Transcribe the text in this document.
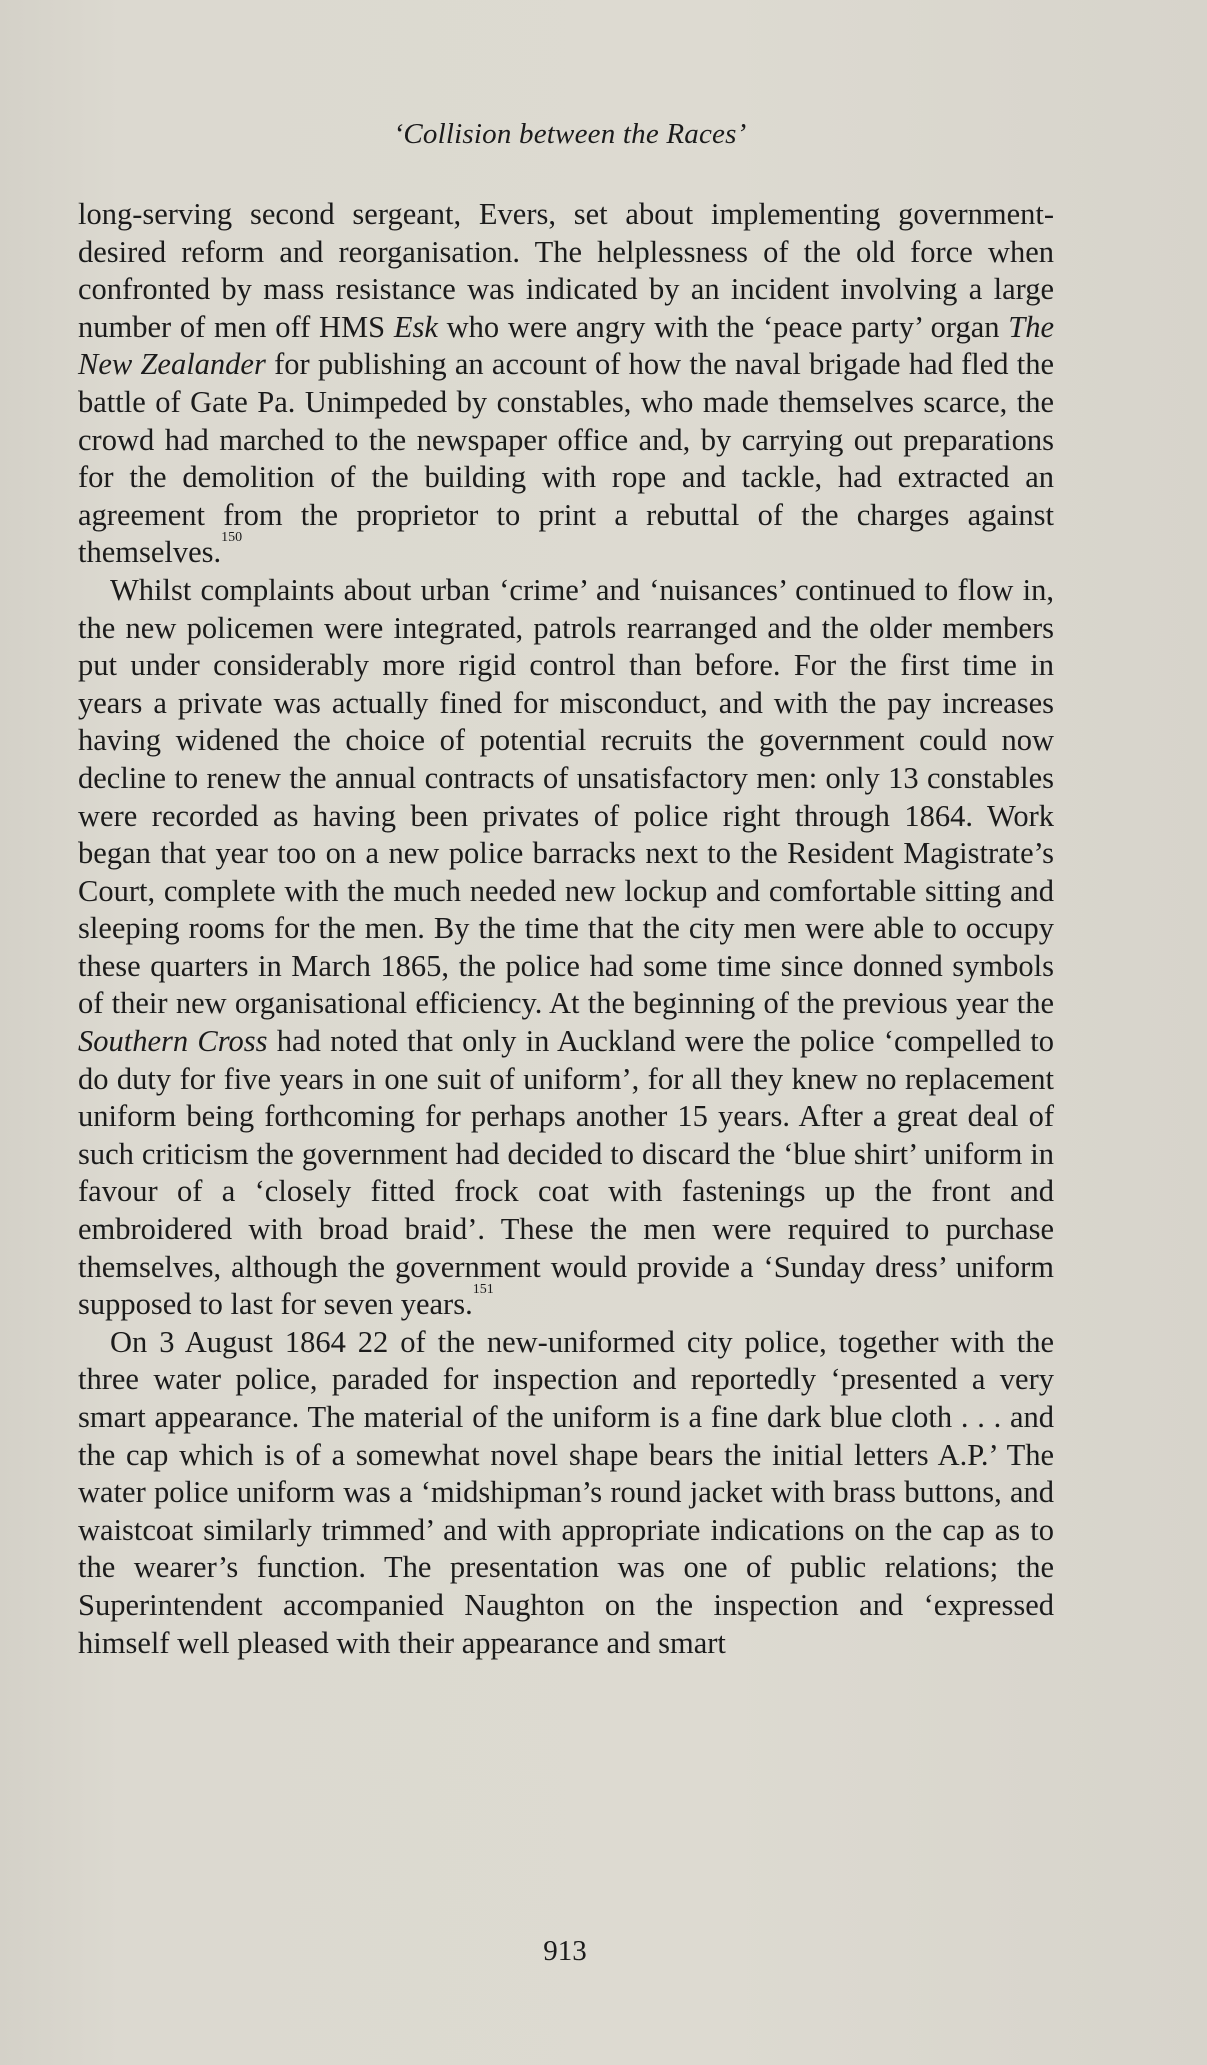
‘Collision between the Races’

long-serving second sergeant, Evers, set about implementing government-desired reform and reorganisation. The helplessness of the old force when confronted by mass resistance was indicated by an incident involving a large number of men off HMS Esk who were angry with the ‘peace party’ organ The New Zealander for publishing an account of how the naval brigade had fled the battle of Gate Pa. Unimpeded by constables, who made themselves scarce, the crowd had marched to the newspaper office and, by carrying out preparations for the demolition of the building with rope and tackle, had extracted an agreement from the proprietor to print a rebuttal of the charges against themselves.$^{150}$

Whilst complaints about urban ‘crime’ and ‘nuisances’ continued to flow in, the new policemen were integrated, patrols rearranged and the older members put under considerably more rigid control than before. For the first time in years a private was actually fined for misconduct, and with the pay increases having widened the choice of potential recruits the government could now decline to renew the annual contracts of unsatisfactory men: only 13 constables were recorded as having been privates of police right through 1864. Work began that year too on a new police barracks next to the Resident Magistrate’s Court, complete with the much needed new lockup and comfortable sitting and sleeping rooms for the men. By the time that the city men were able to occupy these quarters in March 1865, the police had some time since donned symbols of their new organisational efficiency. At the beginning of the previous year the Southern Cross had noted that only in Auckland were the police ‘compelled to do duty for five years in one suit of uniform’, for all they knew no replacement uniform being forthcoming for perhaps another 15 years. After a great deal of such criticism the government had decided to discard the ‘blue shirt’ uniform in favour of a ‘closely fitted frock coat with fastenings up the front and embroidered with broad braid’. These the men were required to purchase themselves, although the government would provide a ‘Sunday dress’ uniform supposed to last for seven years.$^{151}$

On 3 August 1864 22 of the new-uniformed city police, together with the three water police, paraded for inspection and reportedly ‘presented a very smart appearance. The material of the uniform is a fine dark blue cloth . . . and the cap which is of a somewhat novel shape bears the initial letters A.P.’ The water police uniform was a ‘midshipman’s round jacket with brass buttons, and waistcoat similarly trimmed’ and with appropriate indications on the cap as to the wearer’s function. The presentation was one of public relations; the Superintendent accompanied Naughton on the inspection and ‘expressed himself well pleased with their appearance and smart

913
